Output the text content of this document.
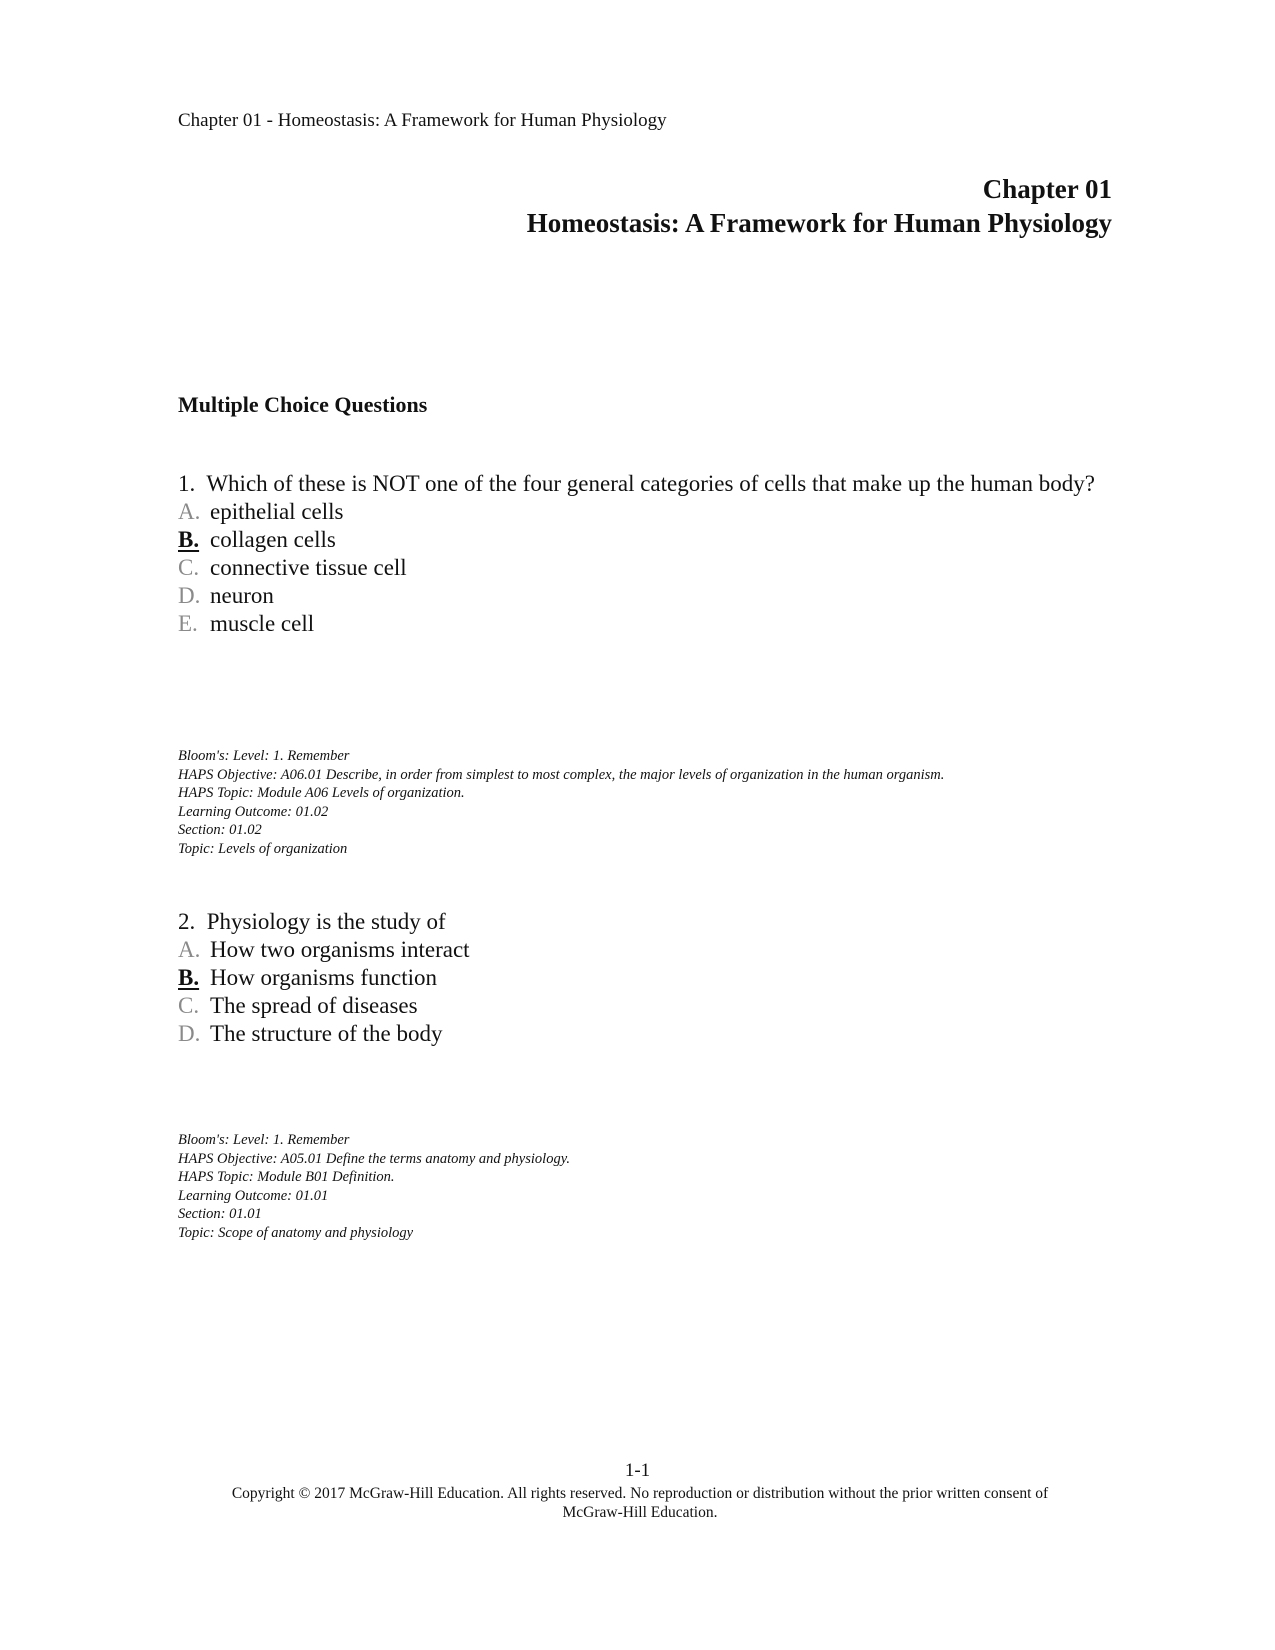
Chapter 01 - Homeostasis: A Framework for Human Physiology
Chapter 01
Homeostasis: A Framework for Human Physiology
Multiple Choice Questions
1. Which of these is NOT one of the four general categories of cells that make up the human body?
A. epithelial cells
B. collagen cells
C. connective tissue cell
D. neuron
E. muscle cell
Bloom's: Level: 1. Remember
HAPS Objective: A06.01 Describe, in order from simplest to most complex, the major levels of organization in the human organism.
HAPS Topic: Module A06 Levels of organization.
Learning Outcome: 01.02
Section: 01.02
Topic: Levels of organization
2. Physiology is the study of
A. How two organisms interact
B. How organisms function
C. The spread of diseases
D. The structure of the body
Bloom's: Level: 1. Remember
HAPS Objective: A05.01 Define the terms anatomy and physiology.
HAPS Topic: Module B01 Definition.
Learning Outcome: 01.01
Section: 01.01
Topic: Scope of anatomy and physiology
1-1
Copyright © 2017 McGraw-Hill Education. All rights reserved. No reproduction or distribution without the prior written consent of McGraw-Hill Education.
